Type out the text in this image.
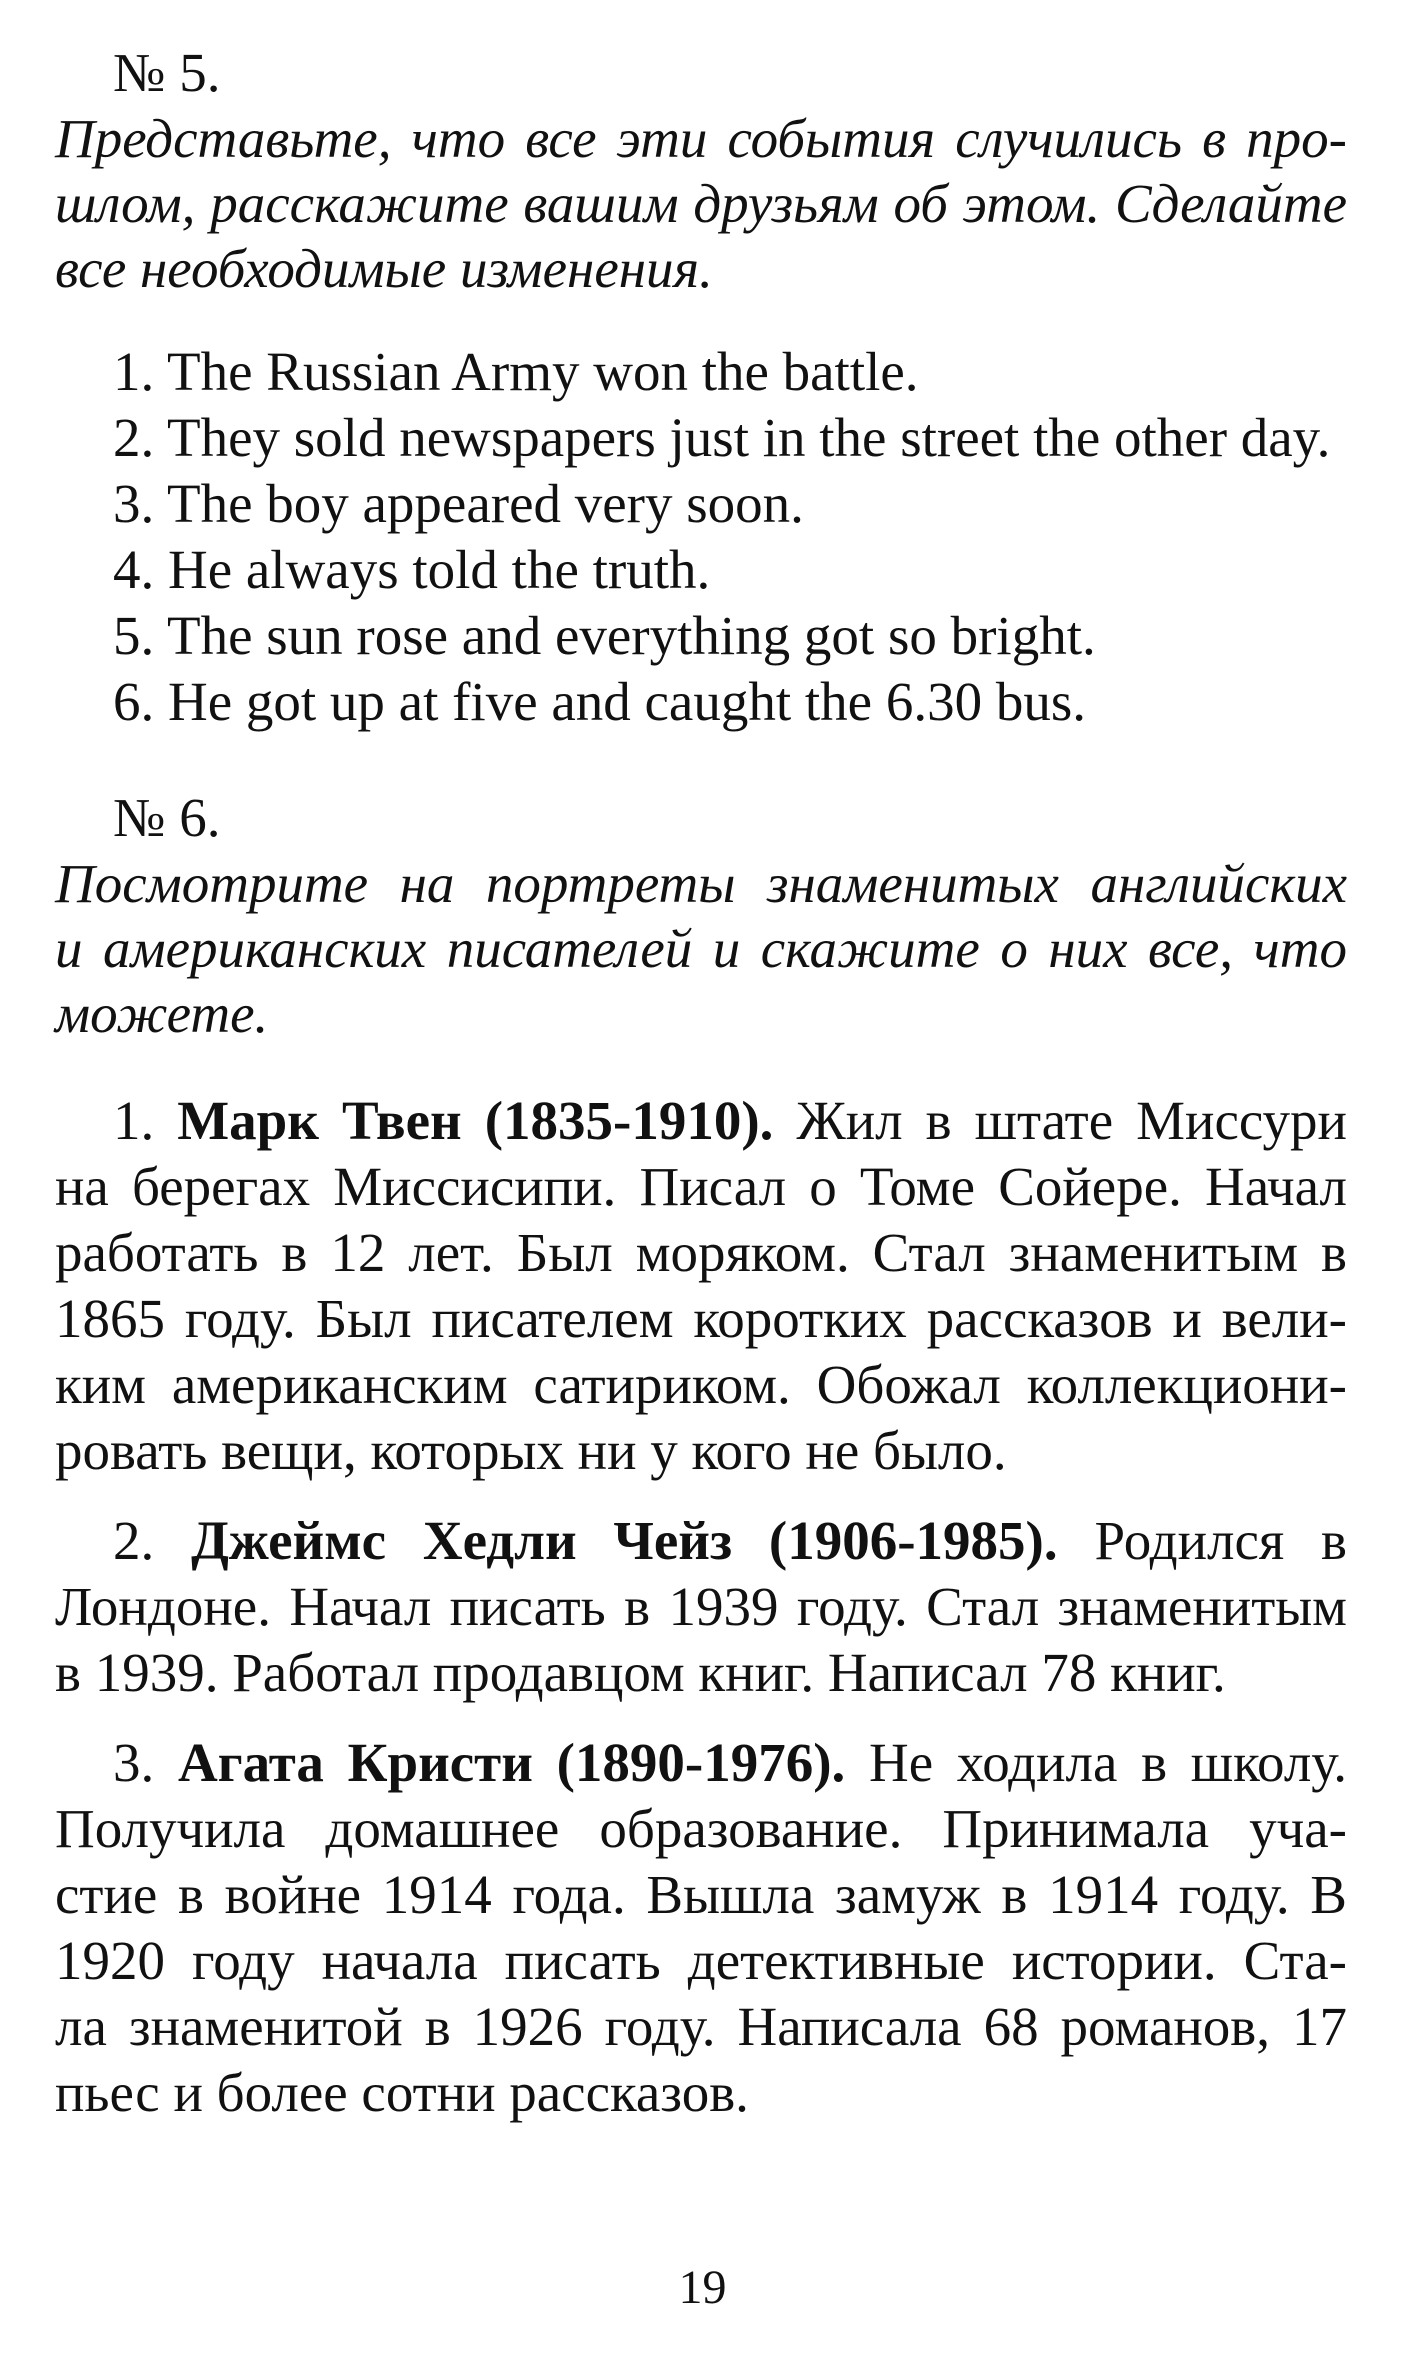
№ 5.
Представьте, что все эти события случились в про-
шлом, расскажите вашим друзьям об этом. Сделайте
все необходимые изменения.
1. The Russian Army won the battle.
2. They sold newspapers just in the street the other day.
3. The boy appeared very soon.
4. He always told the truth.
5. The sun rose and everything got so bright.
6. He got up at five and caught the 6.30 bus.
№ 6.
Посмотрите на портреты знаменитых английских
и американских писателей и скажите о них все, что
можете.
1. Марк Твен (1835-1910). Жил в штате Миссури
на берегах Миссисипи. Писал о Томе Сойере. Начал
работать в 12 лет. Был моряком. Стал знаменитым в
1865 году. Был писателем коротких рассказов и вели-
ким американским сатириком. Обожал коллекциони-
ровать вещи, которых ни у кого не было.
2. Джеймс Хедли Чейз (1906-1985). Родился в
Лондоне. Начал писать в 1939 году. Стал знаменитым
в 1939. Работал продавцом книг. Написал 78 книг.
3. Агата Кристи (1890-1976). Не ходила в школу.
Получила домашнее образование. Принимала уча-
стие в войне 1914 года. Вышла замуж в 1914 году. В
1920 году начала писать детективные истории. Ста-
ла знаменитой в 1926 году. Написала 68 романов, 17
пьес и более сотни рассказов.
19
